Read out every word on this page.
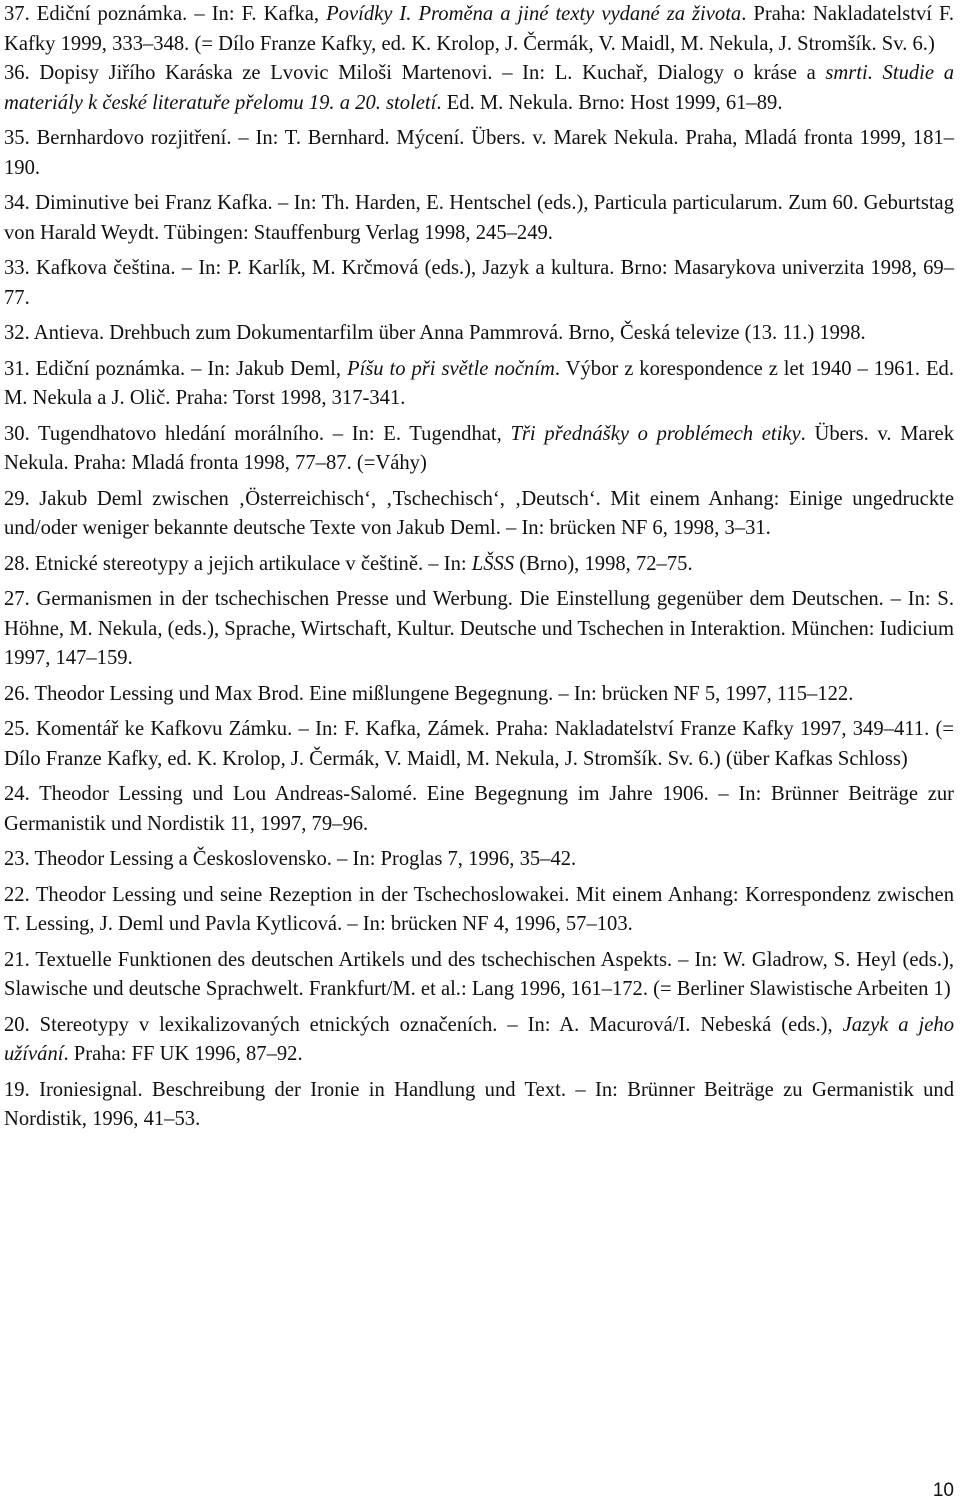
37. Ediční poznámka. – In: F. Kafka, Povídky I. Proměna a jiné texty vydané za života. Praha: Nakladatelství F. Kafky 1999, 333–348. (= Dílo Franze Kafky, ed. K. Krolop, J. Čermák, V. Maidl, M. Nekula, J. Stromšík. Sv. 6.)

36. Dopisy Jiřího Karáska ze Lvovic Miloši Martenovi. – In: L. Kuchař, Dialogy o kráse a smrti. Studie a materiály k české literatuře přelomu 19. a 20. století. Ed. M. Nekula. Brno: Host 1999, 61–89.

35. Bernhardovo rozjitření. – In: T. Bernhard. Mýcení. Übers. v. Marek Nekula. Praha, Mladá fronta 1999, 181–190.

34. Diminutive bei Franz Kafka. – In: Th. Harden, E. Hentschel (eds.), Particula particularum. Zum 60. Geburtstag von Harald Weydt. Tübingen: Stauffenburg Verlag 1998, 245–249.

33. Kafkova čeština. – In: P. Karlík, M. Krčmová (eds.), Jazyk a kultura. Brno: Masarykova univerzita 1998, 69–77.

32. Antieva. Drehbuch zum Dokumentarfilm über Anna Pammrová. Brno, Česká televize (13. 11.) 1998.

31. Ediční poznámka. – In: Jakub Deml, Píšu to při světle nočním. Výbor z korespondence z let 1940 – 1961. Ed. M. Nekula a J. Olič. Praha: Torst 1998, 317-341.

30. Tugendhatovo hledání morálního. – In: E. Tugendhat, Tři přednášky o problémech etiky. Übers. v. Marek Nekula. Praha: Mladá fronta 1998, 77–87. (=Váhy)

29. Jakub Deml zwischen ‚Österreichisch‘, ‚Tschechisch‘, ‚Deutsch‘. Mit einem Anhang: Einige ungedruckte und/oder weniger bekannte deutsche Texte von Jakub Deml. – In: brücken NF 6, 1998, 3–31.

28. Etnické stereotypy a jejich artikulace v češtině. – In: LŠSS (Brno), 1998, 72–75.

27. Germanismen in der tschechischen Presse und Werbung. Die Einstellung gegenüber dem Deutschen. – In: S. Höhne, M. Nekula, (eds.), Sprache, Wirtschaft, Kultur. Deutsche und Tschechen in Interaktion. München: Iudicium 1997, 147–159.

26. Theodor Lessing und Max Brod. Eine mißlungene Begegnung. – In: brücken NF 5, 1997, 115–122.

25. Komentář ke Kafkovu Zámku. – In: F. Kafka, Zámek. Praha: Nakladatelství Franze Kafky 1997, 349–411. (= Dílo Franze Kafky, ed. K. Krolop, J. Čermák, V. Maidl, M. Nekula, J. Stromšík. Sv. 6.) (über Kafkas Schloss)

24. Theodor Lessing und Lou Andreas-Salomé. Eine Begegnung im Jahre 1906. – In: Brünner Beiträge zur Germanistik und Nordistik 11, 1997, 79–96.

23. Theodor Lessing a Československo. – In: Proglas 7, 1996, 35–42.

22. Theodor Lessing und seine Rezeption in der Tschechoslowakei. Mit einem Anhang: Korrespondenz zwischen T. Lessing, J. Deml und Pavla Kytlicová. – In: brücken NF 4, 1996, 57–103.

21. Textuelle Funktionen des deutschen Artikels und des tschechischen Aspekts. – In: W. Gladrow, S. Heyl (eds.), Slawische und deutsche Sprachwelt. Frankfurt/M. et al.: Lang 1996, 161–172. (= Berliner Slawistische Arbeiten 1)

20. Stereotypy v lexikalizovaných etnických označeních. – In: A. Macurová/I. Nebeská (eds.), Jazyk a jeho užívání. Praha: FF UK 1996, 87–92.

19. Ironiesignal. Beschreibung der Ironie in Handlung und Text. – In: Brünner Beiträge zu Germanistik und Nordistik, 1996, 41–53.

10
